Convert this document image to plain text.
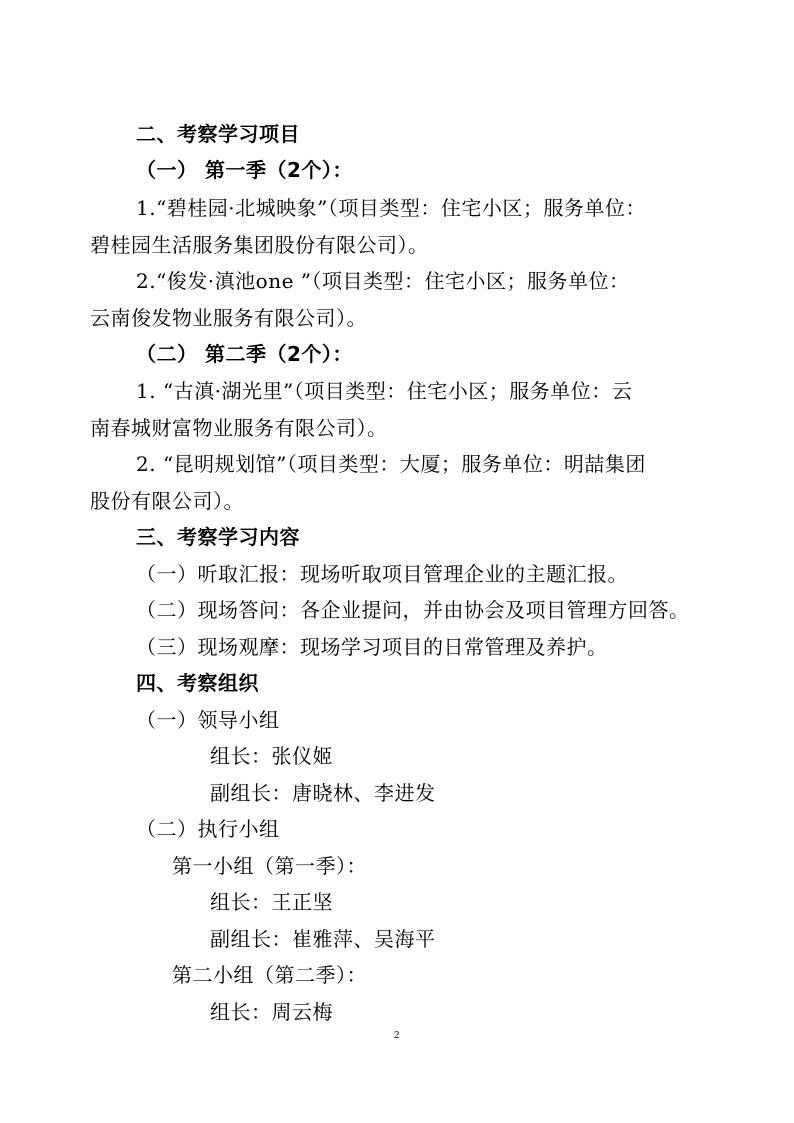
二、考察学习项目
（一） 第一季（2个）：
1.“碧桂园·北城映象”（项目类型：住宅小区；服务单位：
碧桂园生活服务集团股份有限公司）。
2.“俊发·滇池one ”（项目类型：住宅小区；服务单位：
云南俊发物业服务有限公司）。
（二） 第二季（2个）：
1. “古滇·湖光里”（项目类型：住宅小区；服务单位：云
南春城财富物业服务有限公司）。
2. “昆明规划馆”（项目类型：大厦；服务单位：明喆集团
股份有限公司）。
三、考察学习内容
（一）听取汇报：现场听取项目管理企业的主题汇报。
（二）现场答问：各企业提问，并由协会及项目管理方回答。
（三）现场观摩：现场学习项目的日常管理及养护。
四、考察组织
（一）领导小组
组长：张仪姬
副组长：唐晓林、李进发
（二）执行小组
第一小组（第一季）：
组长：王正坚
副组长：崔雅萍、吴海平
第二小组（第二季）：
组长：周云梅
2
